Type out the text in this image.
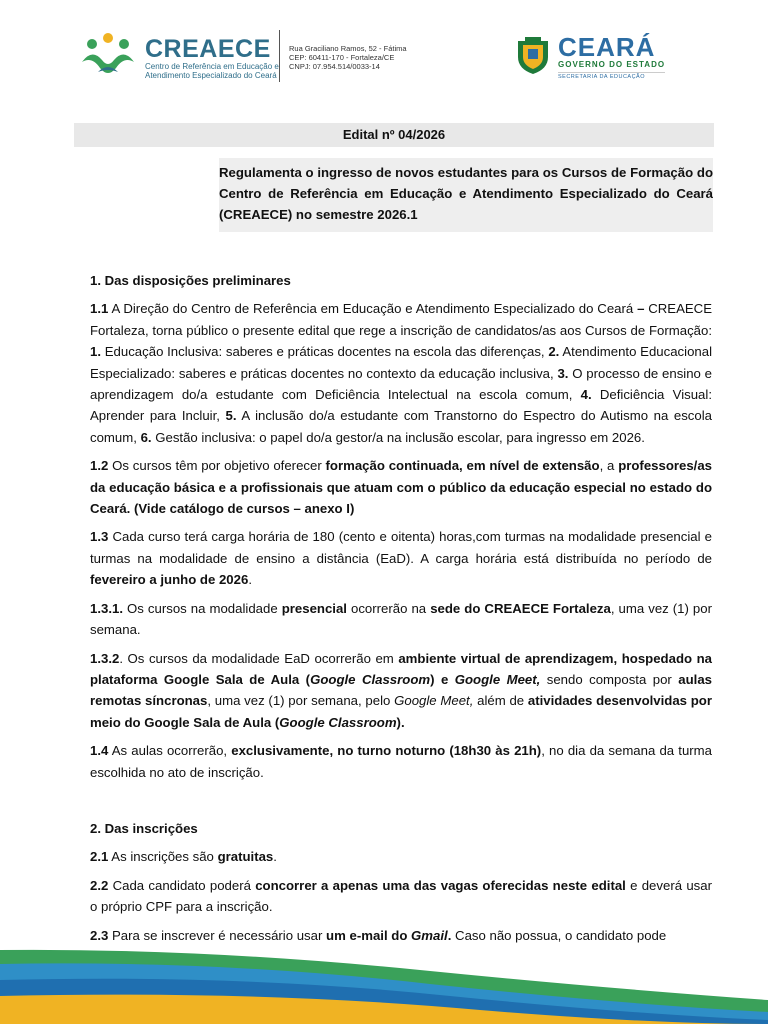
CREAECE
Centro de Referência em Educação e
Atendimento Especializado do Ceará
Rua Graciliano Ramos, 52 - Fátima
CEP: 60411-170 - Fortaleza/CE
CNPJ: 07.954.514/0033-14
CEARÁ
GOVERNO DO ESTADO
SECRETARIA DA EDUCAÇÃO
Edital nº 04/2026
Regulamenta o ingresso de novos estudantes para os Cursos de Formação do Centro de Referência em Educação e Atendimento Especializado do Ceará (CREAECE) no semestre 2026.1
1. Das disposições preliminares

1.1 A Direção do Centro de Referência em Educação e Atendimento Especializado do Ceará – CREAECE Fortaleza, torna público o presente edital que rege a inscrição de candidatos/as aos Cursos de Formação: 1. Educação Inclusiva: saberes e práticas docentes na escola das diferenças, 2. Atendimento Educacional Especializado: saberes e práticas docentes no contexto da educação inclusiva, 3. O processo de ensino e aprendizagem do/a estudante com Deficiência Intelectual na escola comum, 4. Deficiência Visual: Aprender para Incluir, 5. A inclusão do/a estudante com Transtorno do Espectro do Autismo na escola comum, 6. Gestão inclusiva: o papel do/a gestor/a na inclusão escolar, para ingresso em 2026.

1.2 Os cursos têm por objetivo oferecer formação continuada, em nível de extensão, a professores/as da educação básica e a profissionais que atuam com o público da educação especial no estado do Ceará. (Vide catálogo de cursos – anexo I)

1.3 Cada curso terá carga horária de 180 (cento e oitenta) horas,com turmas na modalidade presencial e turmas na modalidade de ensino a distância (EaD). A carga horária está distribuída no período de fevereiro a junho de 2026.

1.3.1. Os cursos na modalidade presencial ocorrerão na sede do CREAECE Fortaleza, uma vez (1) por semana.

1.3.2. Os cursos da modalidade EaD ocorrerão em ambiente virtual de aprendizagem, hospedado na plataforma Google Sala de Aula (Google Classroom) e Google Meet, sendo composta por aulas remotas síncronas, uma vez (1) por semana, pelo Google Meet, além de atividades desenvolvidas por meio do Google Sala de Aula (Google Classroom).

1.4 As aulas ocorrerão, exclusivamente, no turno noturno (18h30 às 21h), no dia da semana da turma escolhida no ato de inscrição.

2. Das inscrições

2.1 As inscrições são gratuitas.

2.2 Cada candidato poderá concorrer a apenas uma das vagas oferecidas neste edital e deverá usar o próprio CPF para a inscrição.

2.3 Para se inscrever é necessário usar um e-mail do Gmail. Caso não possua, o candidato pode
